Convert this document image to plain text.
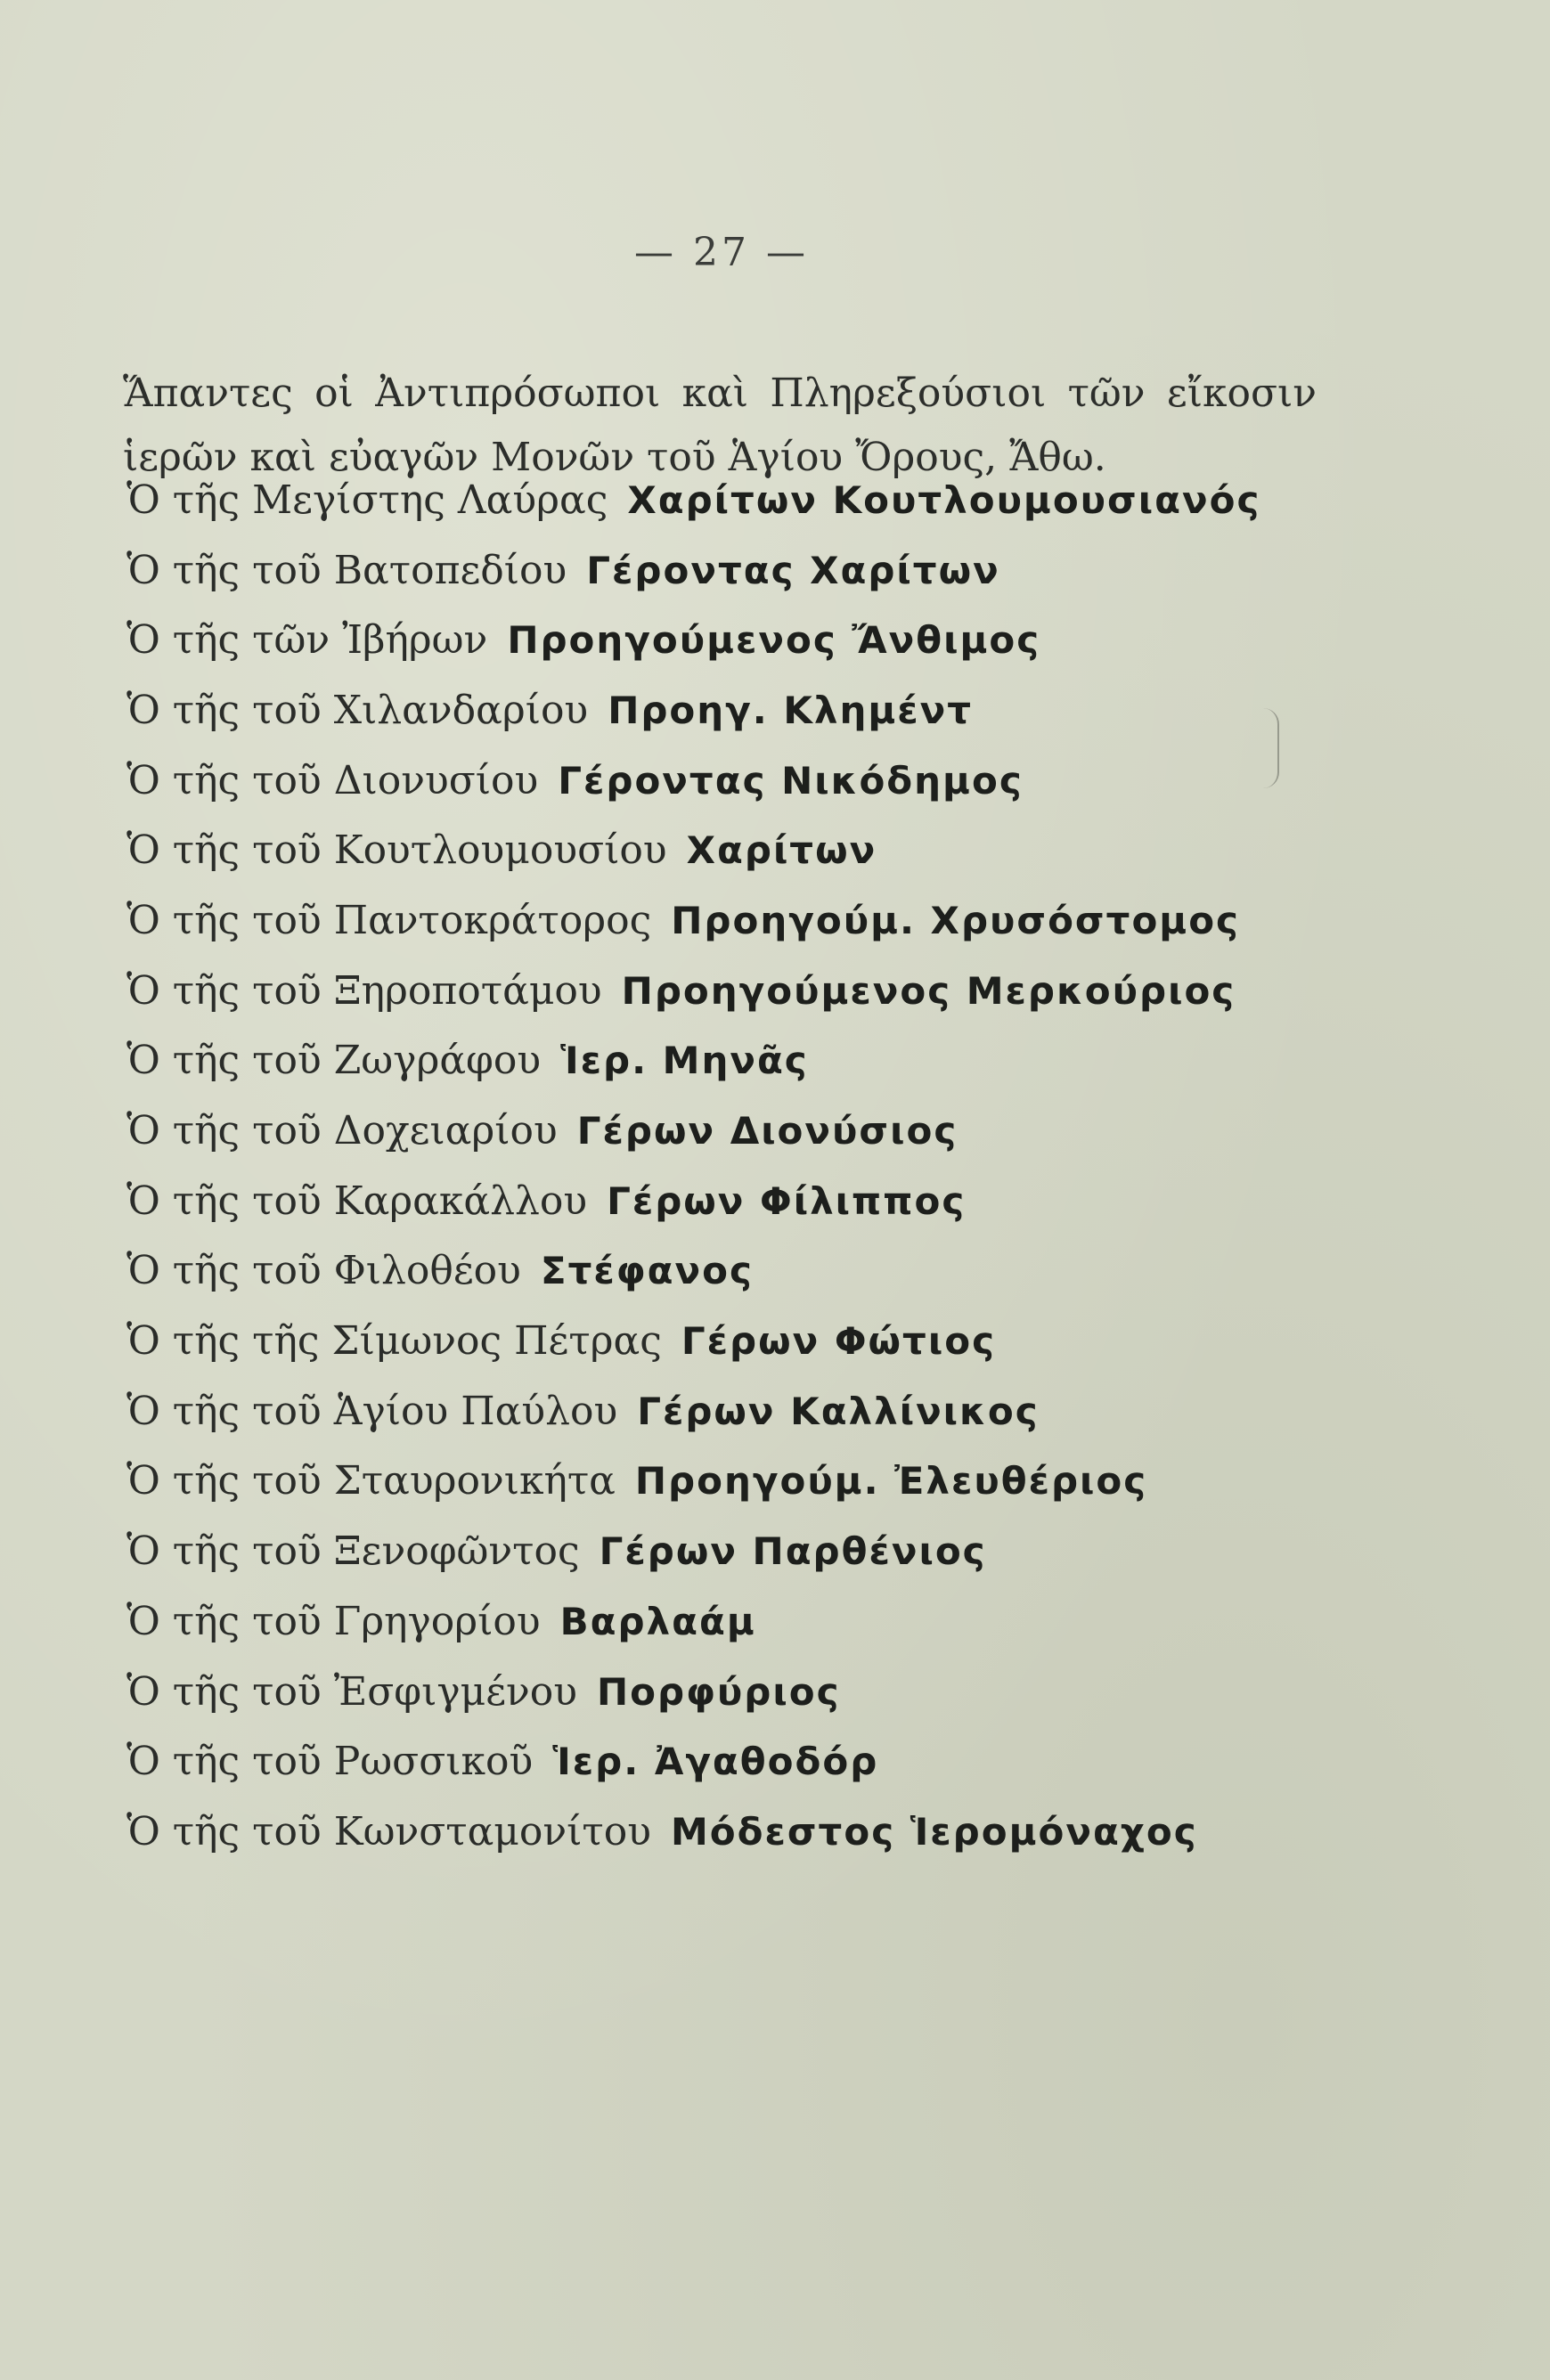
— 27 —

Ἅπαντες οἱ Ἀντιπρόσωποι καὶ Πληρεξούσιοι τῶν εἴκοσιν ἱερῶν καὶ εὐαγῶν Μονῶν τοῦ Ἁγίου Ὄρους, Ἄθω.

Ὁ τῆς Μεγίστης Λαύρας Χαρίτων Κουτλουμουσιανός
Ὁ τῆς τοῦ Βατοπεδίου Γέροντας Χαρίτων
Ὁ τῆς τῶν Ἰβήρων Προηγούμενος Ἄνθιμος
Ὁ τῆς τοῦ Χιλανδαρίου Προηγ. Κλημέντ
Ὁ τῆς τοῦ Διονυσίου Γέροντας Νικόδημος
Ὁ τῆς τοῦ Κουτλουμουσίου Χαρίτων
Ὁ τῆς τοῦ Παντοκράτορος Προηγούμ. Χρυσόστομος
Ὁ τῆς τοῦ Ξηροποτάμου Προηγούμενος Μερκούριος
Ὁ τῆς τοῦ Ζωγράφου Ἱερ. Μηνᾶς
Ὁ τῆς τοῦ Δοχειαρίου Γέρων Διονύσιος
Ὁ τῆς τοῦ Καρακάλλου Γέρων Φίλιππος
Ὁ τῆς τοῦ Φιλοθέου Στέφανος
Ὁ τῆς τῆς Σίμωνος Πέτρας Γέρων Φώτιος
Ὁ τῆς τοῦ Ἁγίου Παύλου Γέρων Καλλίνικος
Ὁ τῆς τοῦ Σταυρονικήτα Προηγούμ. Ἐλευθέριος
Ὁ τῆς τοῦ Ξενοφῶντος Γέρων Παρθένιος
Ὁ τῆς τοῦ Γρηγορίου Βαρλαάμ
Ὁ τῆς τοῦ Ἐσφιγμένου Πορφύριος
Ὁ τῆς τοῦ Ρωσσικοῦ Ἱερ. Ἀγαθοδόρ
Ὁ τῆς τοῦ Κωνσταμονίτου Μόδεστος Ἱερομόναχος
